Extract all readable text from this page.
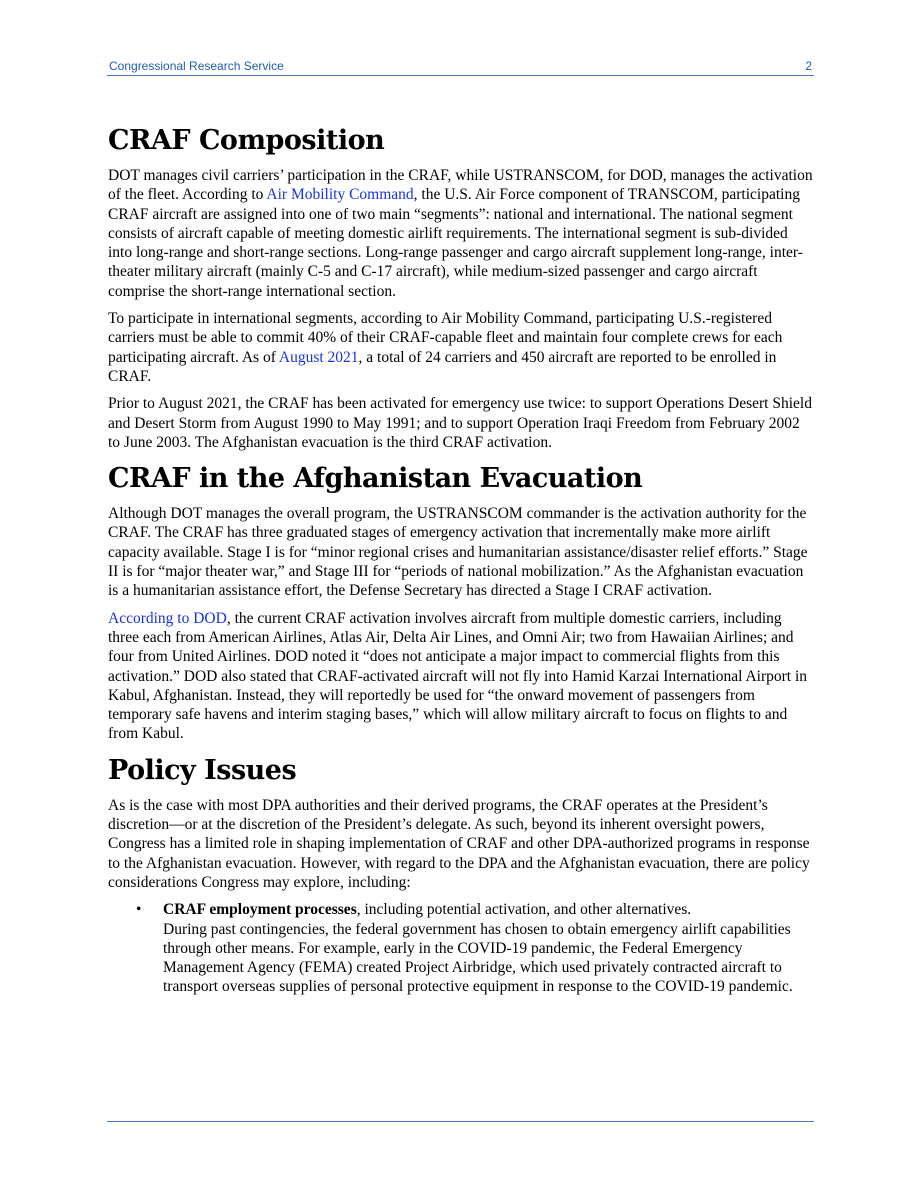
Congressional Research Service	2
CRAF Composition

DOT manages civil carriers’ participation in the CRAF, while USTRANSCOM, for DOD, manages the activation of the fleet. According to Air Mobility Command, the U.S. Air Force component of TRANSCOM, participating CRAF aircraft are assigned into one of two main “segments”: national and international. The national segment consists of aircraft capable of meeting domestic airlift requirements. The international segment is sub-divided into long-range and short-range sections. Long-range passenger and cargo aircraft supplement long-range, inter-theater military aircraft (mainly C-5 and C-17 aircraft), while medium-sized passenger and cargo aircraft comprise the short-range international section.

To participate in international segments, according to Air Mobility Command, participating U.S.-registered carriers must be able to commit 40% of their CRAF-capable fleet and maintain four complete crews for each participating aircraft. As of August 2021, a total of 24 carriers and 450 aircraft are reported to be enrolled in CRAF.

Prior to August 2021, the CRAF has been activated for emergency use twice: to support Operations Desert Shield and Desert Storm from August 1990 to May 1991; and to support Operation Iraqi Freedom from February 2002 to June 2003. The Afghanistan evacuation is the third CRAF activation.

CRAF in the Afghanistan Evacuation

Although DOT manages the overall program, the USTRANSCOM commander is the activation authority for the CRAF. The CRAF has three graduated stages of emergency activation that incrementally make more airlift capacity available. Stage I is for “minor regional crises and humanitarian assistance/disaster relief efforts.” Stage II is for “major theater war,” and Stage III for “periods of national mobilization.” As the Afghanistan evacuation is a humanitarian assistance effort, the Defense Secretary has directed a Stage I CRAF activation.

According to DOD, the current CRAF activation involves aircraft from multiple domestic carriers, including three each from American Airlines, Atlas Air, Delta Air Lines, and Omni Air; two from Hawaiian Airlines; and four from United Airlines. DOD noted it “does not anticipate a major impact to commercial flights from this activation.” DOD also stated that CRAF-activated aircraft will not fly into Hamid Karzai International Airport in Kabul, Afghanistan. Instead, they will reportedly be used for “the onward movement of passengers from temporary safe havens and interim staging bases,” which will allow military aircraft to focus on flights to and from Kabul.

Policy Issues

As is the case with most DPA authorities and their derived programs, the CRAF operates at the President’s discretion—or at the discretion of the President’s delegate. As such, beyond its inherent oversight powers, Congress has a limited role in shaping implementation of CRAF and other DPA-authorized programs in response to the Afghanistan evacuation. However, with regard to the DPA and the Afghanistan evacuation, there are policy considerations Congress may explore, including:

• CRAF employment processes, including potential activation, and other alternatives.
During past contingencies, the federal government has chosen to obtain emergency airlift capabilities through other means. For example, early in the COVID-19 pandemic, the Federal Emergency Management Agency (FEMA) created Project Airbridge, which used privately contracted aircraft to transport overseas supplies of personal protective equipment in response to the COVID-19 pandemic.
